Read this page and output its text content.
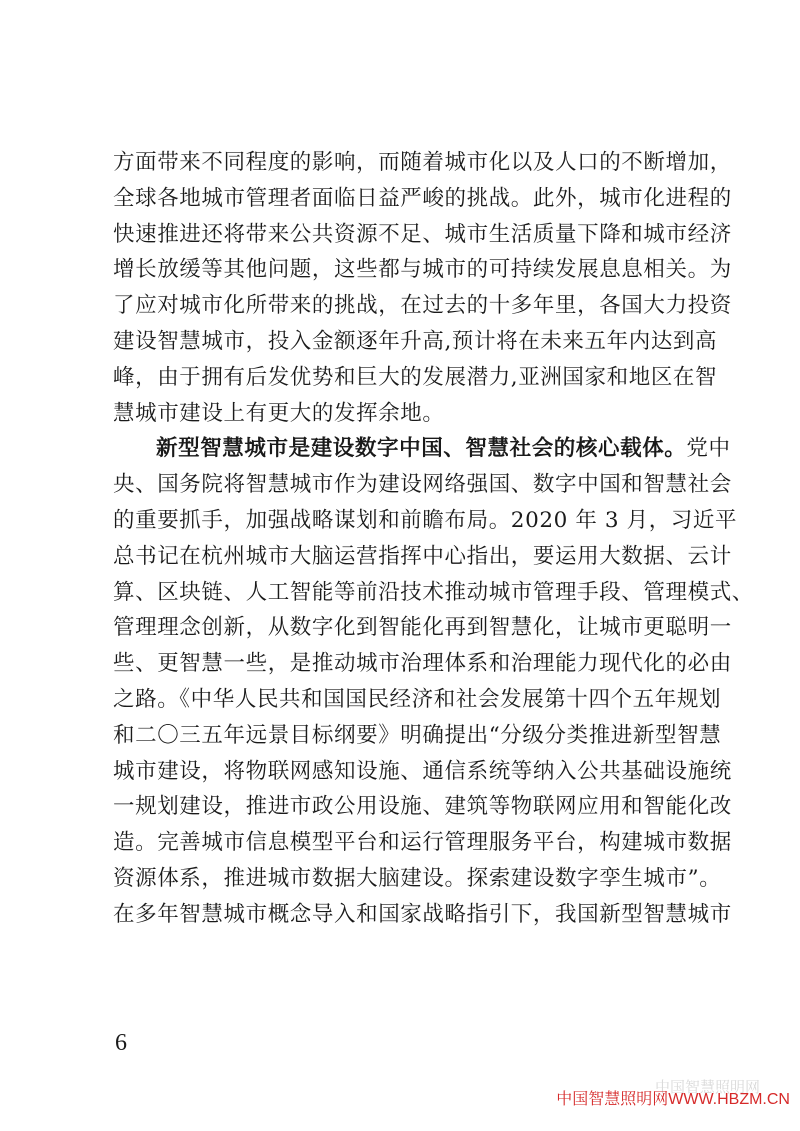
方面带来不同程度的影响，而随着城市化以及人口的不断增加，
全球各地城市管理者面临日益严峻的挑战。此外，城市化进程的
快速推进还将带来公共资源不足、城市生活质量下降和城市经济
增长放缓等其他问题，这些都与城市的可持续发展息息相关。为
了应对城市化所带来的挑战，在过去的十多年里，各国大力投资
建设智慧城市，投入金额逐年升高,预计将在未来五年内达到高
峰，由于拥有后发优势和巨大的发展潜力,亚洲国家和地区在智
慧城市建设上有更大的发挥余地。
新型智慧城市是建设数字中国、智慧社会的核心载体。党中
央、国务院将智慧城市作为建设网络强国、数字中国和智慧社会
的重要抓手，加强战略谋划和前瞻布局。2020 年 3 月，习近平
总书记在杭州城市大脑运营指挥中心指出，要运用大数据、云计
算、区块链、人工智能等前沿技术推动城市管理手段、管理模式、
管理理念创新，从数字化到智能化再到智慧化，让城市更聪明一
些、更智慧一些，是推动城市治理体系和治理能力现代化的必由
之路。《中华人民共和国国民经济和社会发展第十四个五年规划
和二〇三五年远景目标纲要》明确提出“分级分类推进新型智慧
城市建设，将物联网感知设施、通信系统等纳入公共基础设施统
一规划建设，推进市政公用设施、建筑等物联网应用和智能化改
造。完善城市信息模型平台和运行管理服务平台，构建城市数据
资源体系，推进城市数据大脑建设。探索建设数字孪生城市”。
在多年智慧城市概念导入和国家战略指引下，我国新型智慧城市
6
中国智慧照明网
中国智慧照明网WWW.HBZM.CN
